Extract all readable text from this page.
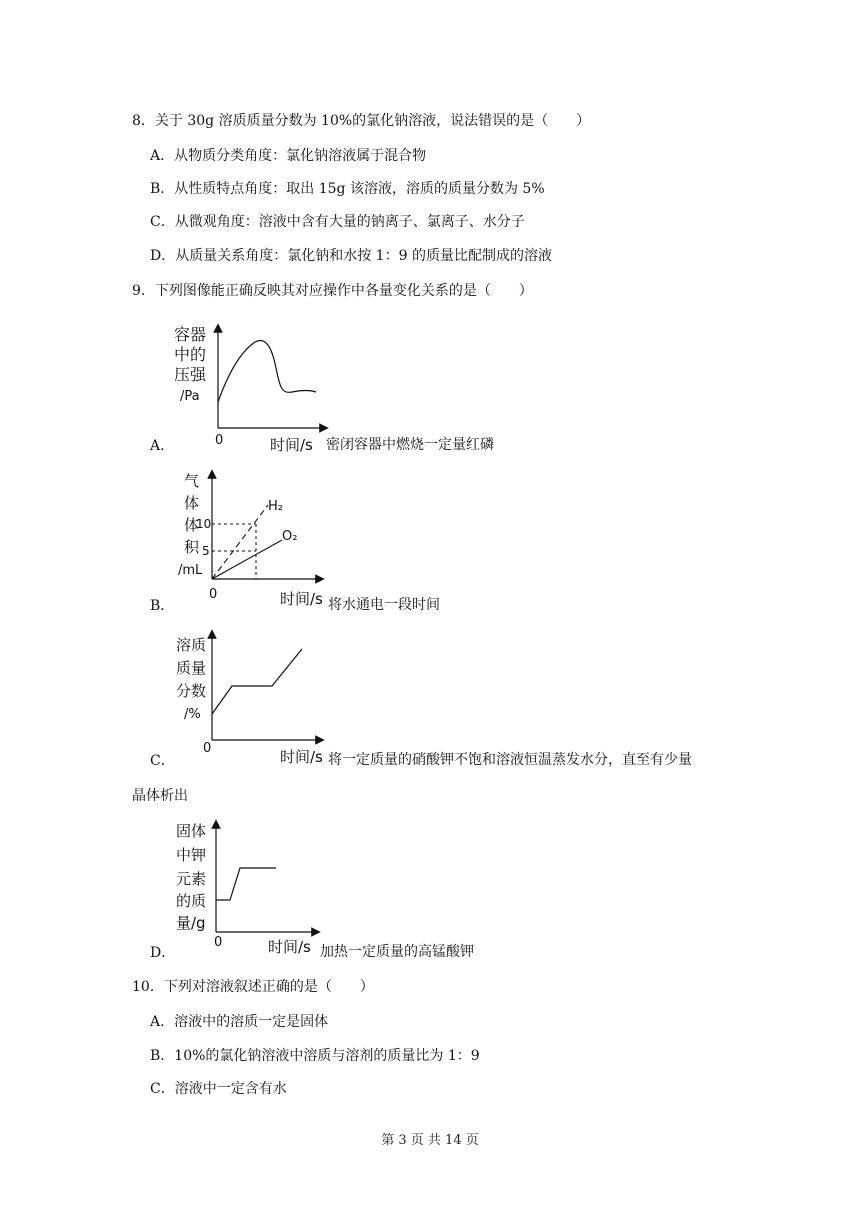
8．关于 30g 溶质质量分数为 10%的氯化钠溶液，说法错误的是（　　）
A．从物质分类角度：氯化钠溶液属于混合物
B．从性质特点角度：取出 15g 该溶液，溶质的质量分数为 5%
C．从微观角度：溶液中含有大量的钠离子、氯离子、水分子
D．从质量关系角度：氯化钠和水按 1：9 的质量比配制成的溶液
9．下列图像能正确反映其对应操作中各量变化关系的是（　　）
A．
容器
中的
压强
/Pa
0	时间/s 密闭容器中燃烧一定量红磷
B．
气
体
体
积
/mL
10
5
H₂
O₂
0	时间/s 将水通电一段时间
C．
溶质
质量
分数
/%
0	时间/s 将一定质量的硝酸钾不饱和溶液恒温蒸发水分，直至有少量
晶体析出
D．
固体
中钾
元素
的质
量/g
0	时间/s 加热一定质量的高锰酸钾
10．下列对溶液叙述正确的是（　　）
A．溶液中的溶质一定是固体
B．10%的氯化钠溶液中溶质与溶剂的质量比为 1：9
C．溶液中一定含有水
第 3 页 共 14 页
